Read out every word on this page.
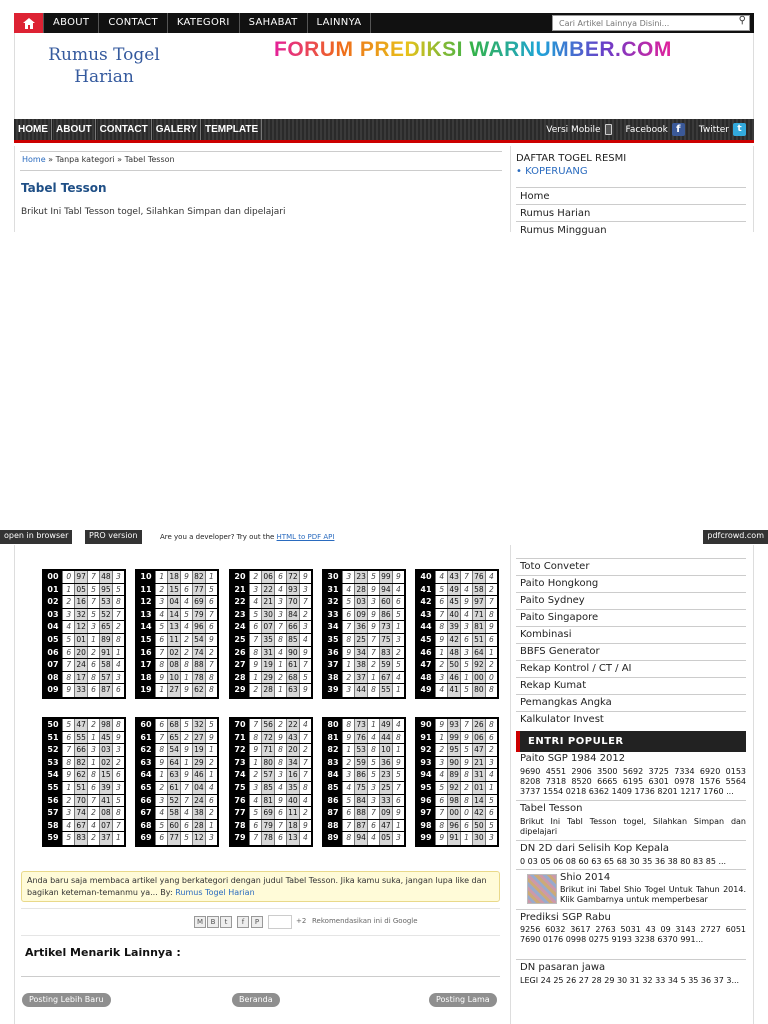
ABOUT	CONTACT	KATEGORI	SAHABAT	LAINNYA
Cari Artikel Lainnya Disini...	⚲
Rumus Togel Harian
FORUM PREDIKSI WARNUMBER.COM
HOME ABOUT CONTACT GALERY TEMPLATE	Versi Mobile	Facebook f	Twitter t
Home » Tanpa kategori » Tabel Tesson
Tabel Tesson
Brikut Ini Tabl Tesson togel, Silahkan Simpan dan dipelajari
DAFTAR TOGEL RESMI
• KOPERUANG
Home
Rumus Harian
Rumus Mingguan
open in browser	PRO version	Are you a developer? Try out the HTML to PDF API	pdfcrowd.com
00	0 97 7 48 3
01	1 05 5 95 5
02	2 16 7 53 8
03	3 32 5 52 7
04	4 12 3 65 2
05	5 01 1 89 8
06	6 20 2 91 1
07	7 24 6 58 4
08	8 17 8 57 3
09	9 33 6 87 6
10	1 18 9 82 1
11	2 15 6 77 5
12	3 04 4 69 6
13	4 14 5 79 7
14	5 13 4 96 6
15	6 11 2 54 9
16	7 02 2 74 2
17	8 08 8 88 7
18	9 10 1 78 8
19	1 27 9 62 8
20	2 06 6 72 9
21	3 22 4 93 3
22	4 21 3 70 7
23	5 30 3 84 2
24	6 07 7 66 3
25	7 35 8 85 4
26	8 31 4 90 9
27	9 19 1 61 7
28	1 29 2 68 5
29	2 28 1 63 9
30	3 23 5 99 9
31	4 28 9 94 4
32	5 03 3 60 6
33	6 09 9 86 5
34	7 36 9 73 1
35	8 25 7 75 3
36	9 34 7 83 2
37	1 38 2 59 5
38	2 37 1 67 4
39	3 44 8 55 1
40	4 43 7 76 4
41	5 49 4 58 2
42	6 45 9 97 7
43	7 40 4 71 8
44	8 39 3 81 9
45	9 42 6 51 6
46	1 48 3 64 1
47	2 50 5 92 2
48	3 46 1 00 0
49	4 41 5 80 8
50	5 47 2 98 8
51	6 55 1 45 9
52	7 66 3 03 3
53	8 82 1 02 2
54	9 62 8 15 6
55	1 51 6 39 3
56	2 70 7 41 5
57	3 74 2 08 8
58	4 67 4 07 7
59	5 83 2 37 1
60	6 68 5 32 5
61	7 65 2 27 9
62	8 54 9 19 1
63	9 64 1 29 2
64	1 63 9 46 1
65	2 61 7 04 4
66	3 52 7 24 6
67	4 58 4 38 2
68	5 60 6 28 1
69	6 77 5 12 3
70	7 56 2 22 4
71	8 72 9 43 7
72	9 71 8 20 2
73	1 80 8 34 7
74	2 57 3 16 7
75	3 85 4 35 8
76	4 81 9 40 4
77	5 69 6 11 2
78	6 79 7 18 9
79	7 78 6 13 4
80	8 73 1 49 4
81	9 76 4 44 8
82	1 53 8 10 1
83	2 59 5 36 9
84	3 86 5 23 5
85	4 75 3 25 7
86	5 84 3 33 6
87	6 88 7 09 9
88	7 87 6 47 1
89	8 94 4 05 3
90	9 93 7 26 8
91	1 99 9 06 6
92	2 95 5 47 2
93	3 90 9 21 3
94	4 89 8 31 4
95	5 92 2 01 1
96	6 98 8 14 5
97	7 00 0 42 6
98	8 96 6 50 5
99	9 91 1 30 3
Anda baru saja membaca artikel yang berkategori dengan judul Tabel Tesson. Jika kamu suka, jangan lupa like dan bagikan keteman-temanmu ya... By: Rumus Togel Harian
M	B	t	f	P	+2 Rekomendasikan ini di Google
Artikel Menarik Lainnya :
Posting Lebih Baru	Beranda	Posting Lama
Toto Conveter
Paito Hongkong
Paito Sydney
Paito Singapore
Kombinasi
BBFS Generator
Rekap Kontrol / CT / AI
Rekap Kumat
Pemangkas Angka
Kalkulator Invest
ENTRI POPULER
Paito SGP 1984 2012
9690 4551 2906 3500 5692 3725 7334 6920 0153 8208 7318 8520 6665 6195 6301 0978 1576 5564 3737 1554 0218 6362 1409 1736 8201 1217 1760 ...
Tabel Tesson
Brikut Ini Tabl Tesson togel, Silahkan Simpan dan dipelajari
DN 2D dari Selisih Kop Kepala
0 03 05 06 08 60 63 65 68 30 35 36 38 80 83 85 ...
Shio 2014
Brikut ini Tabel Shio Togel Untuk Tahun 2014. Klik Gambarnya untuk memperbesar
Prediksi SGP Rabu
9256 6032 3617 2763 5031 43 09 3143 2727 6051 7690 0176 0998 0275 9193 3238 6370 991...
DN pasaran jawa
LEGI 24 25 26 27 28 29 30 31 32 33 34 5 35 36 37 3...
